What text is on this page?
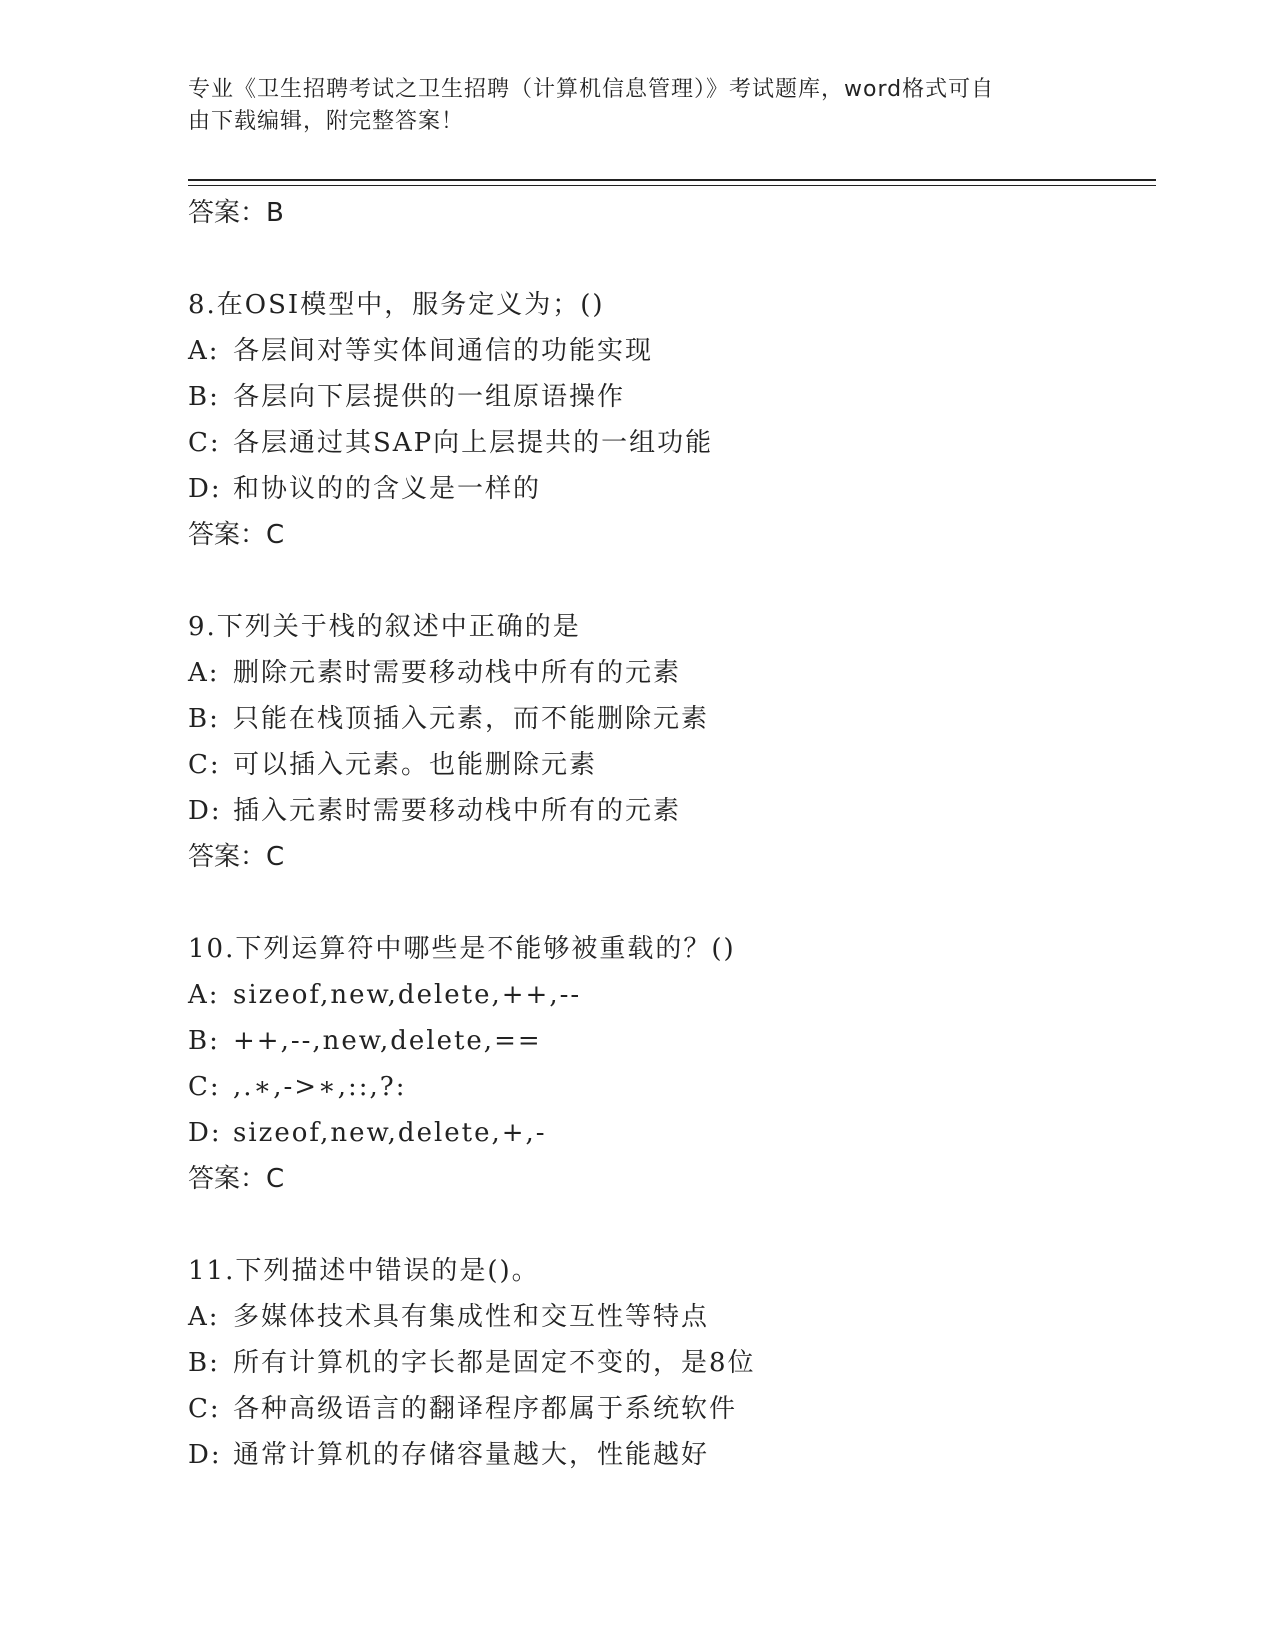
专业《卫生招聘考试之卫生招聘（计算机信息管理）》考试题库，word格式可自
由下载编辑，附完整答案！
答案：B
8.在OSI模型中，服务定义为；()
A: 各层间对等实体间通信的功能实现
B: 各层向下层提供的一组原语操作
C: 各层通过其SAP向上层提共的一组功能
D: 和协议的的含义是一样的
答案：C
9.下列关于栈的叙述中正确的是
A: 删除元素时需要移动栈中所有的元素
B: 只能在栈顶插入元素，而不能删除元素
C: 可以插入元素。也能删除元素
D: 插入元素时需要移动栈中所有的元素
答案：C
10.下列运算符中哪些是不能够被重载的？()
A: sizeof,new,delete,++,--
B: ++,--,new,delete,==
C: ,.∗,->∗,::,?:
D: sizeof,new,delete,+,-
答案：C
11.下列描述中错误的是()。
A: 多媒体技术具有集成性和交互性等特点
B: 所有计算机的字长都是固定不变的，是8位
C: 各种高级语言的翻译程序都属于系统软件
D: 通常计算机的存储容量越大，性能越好
